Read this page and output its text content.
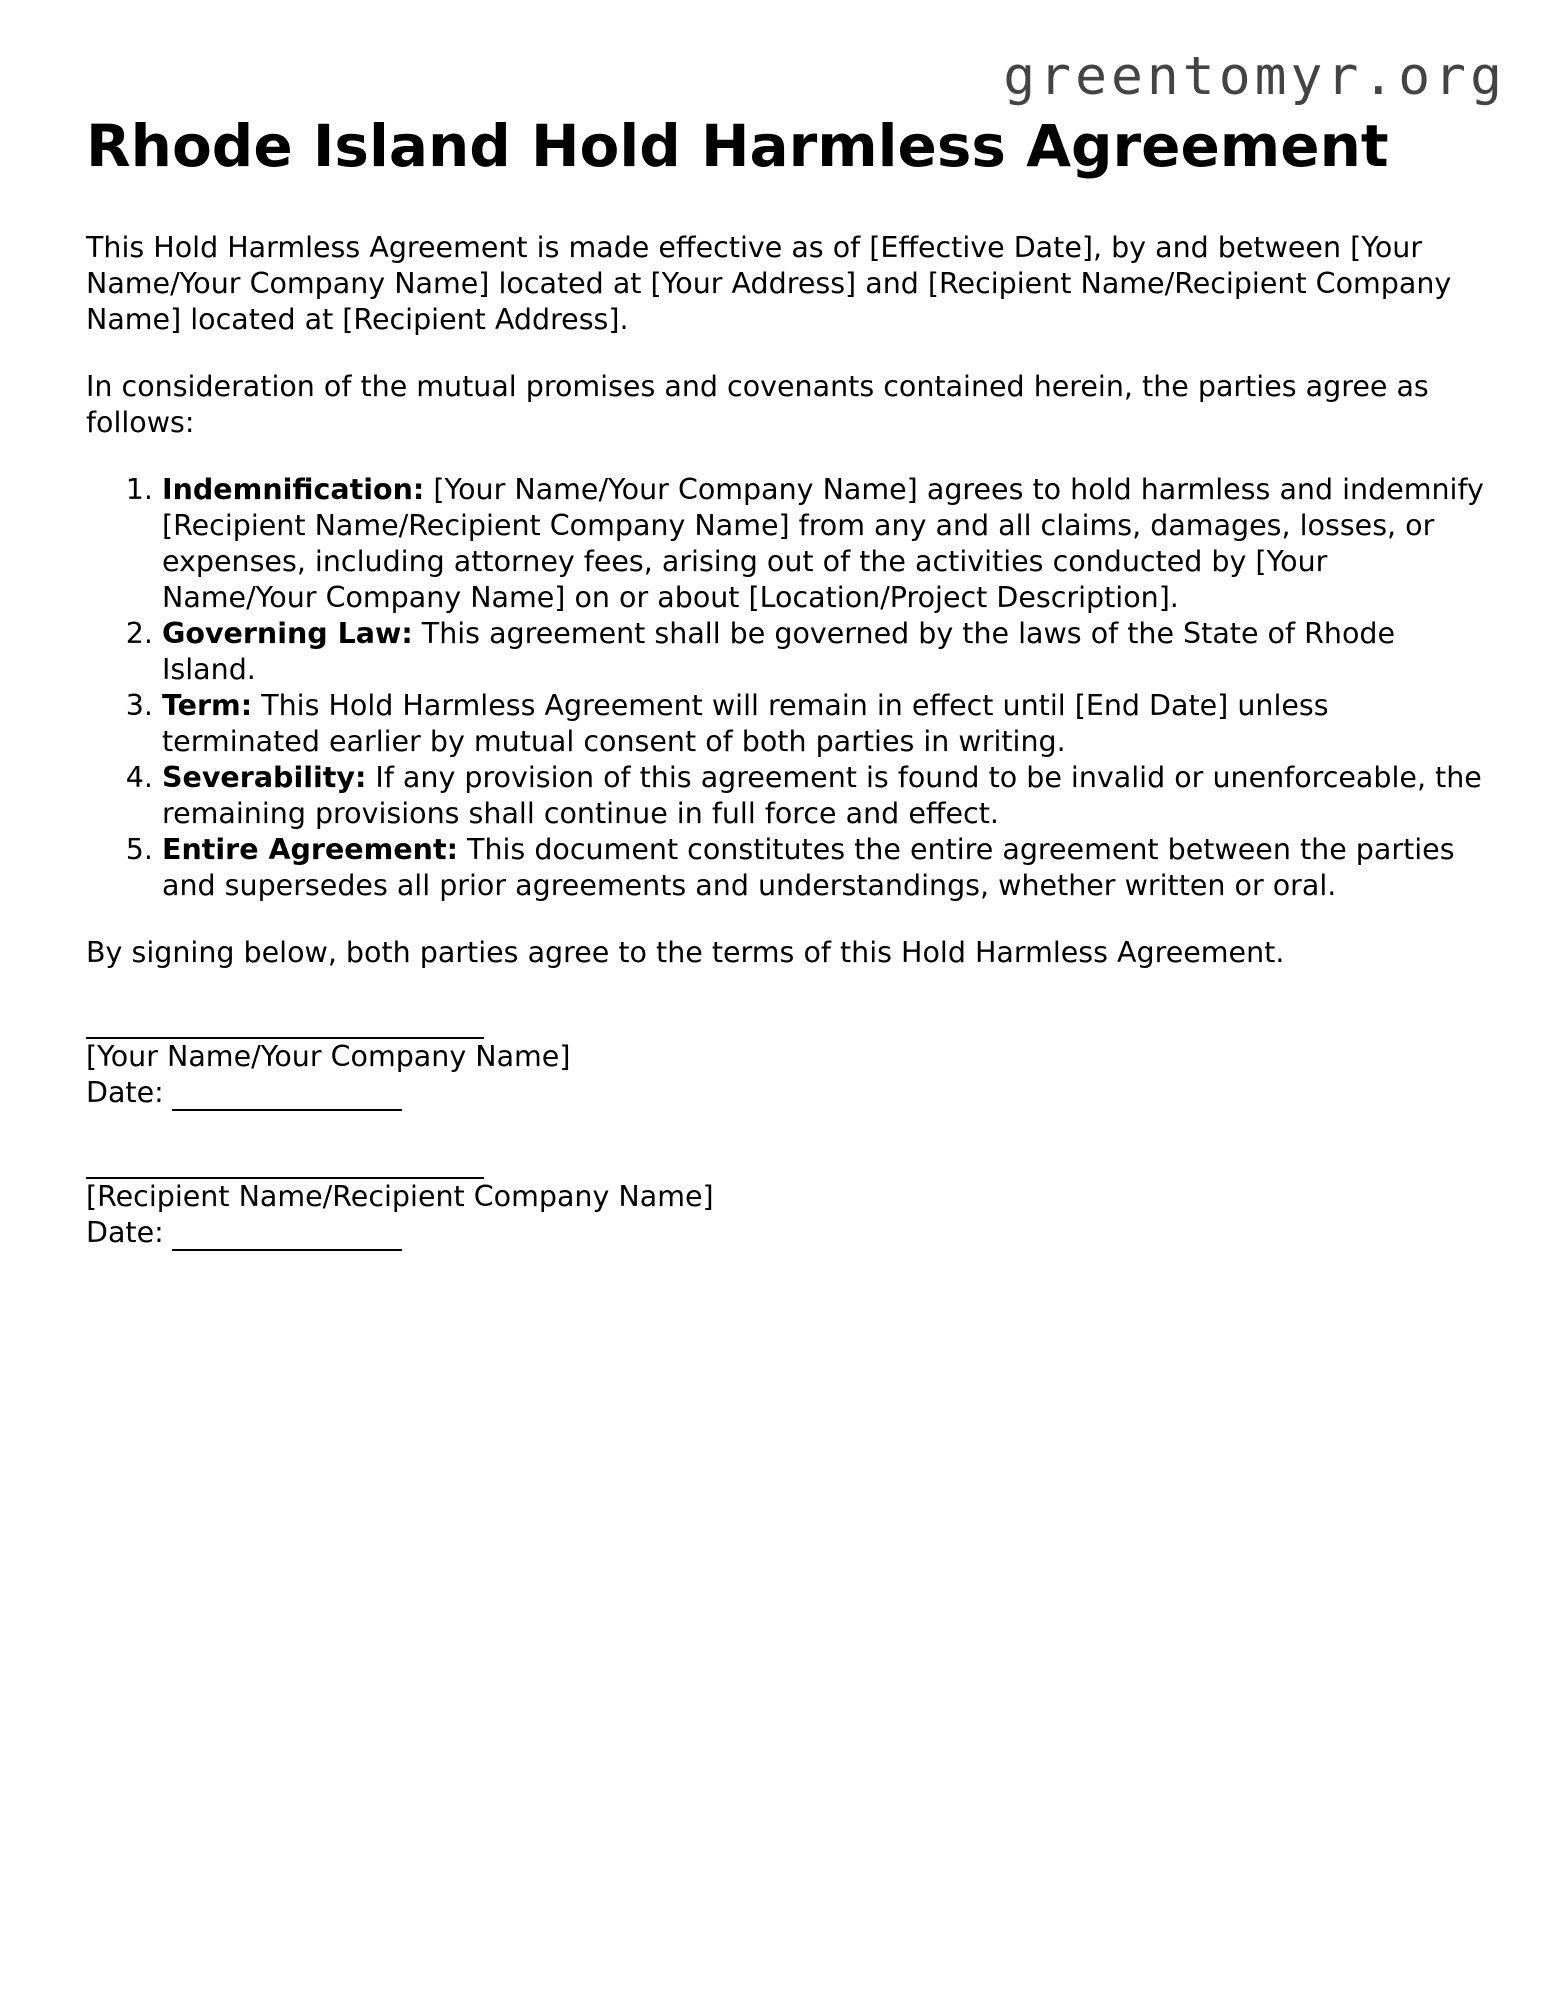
greentomyr.org
Rhode Island Hold Harmless Agreement

This Hold Harmless Agreement is made effective as of [Effective Date], by and between [Your Name/Your Company Name] located at [Your Address] and [Recipient Name/Recipient Company Name] located at [Recipient Address].

In consideration of the mutual promises and covenants contained herein, the parties agree as follows:

1. Indemnification: [Your Name/Your Company Name] agrees to hold harmless and indemnify [Recipient Name/Recipient Company Name] from any and all claims, damages, losses, or expenses, including attorney fees, arising out of the activities conducted by [Your Name/Your Company Name] on or about [Location/Project Description].
2. Governing Law: This agreement shall be governed by the laws of the State of Rhode Island.
3. Term: This Hold Harmless Agreement will remain in effect until [End Date] unless terminated earlier by mutual consent of both parties in writing.
4. Severability: If any provision of this agreement is found to be invalid or unenforceable, the remaining provisions shall continue in full force and effect.
5. Entire Agreement: This document constitutes the entire agreement between the parties and supersedes all prior agreements and understandings, whether written or oral.

By signing below, both parties agree to the terms of this Hold Harmless Agreement.

[Your Name/Your Company Name]
Date:
[Recipient Name/Recipient Company Name]
Date:
